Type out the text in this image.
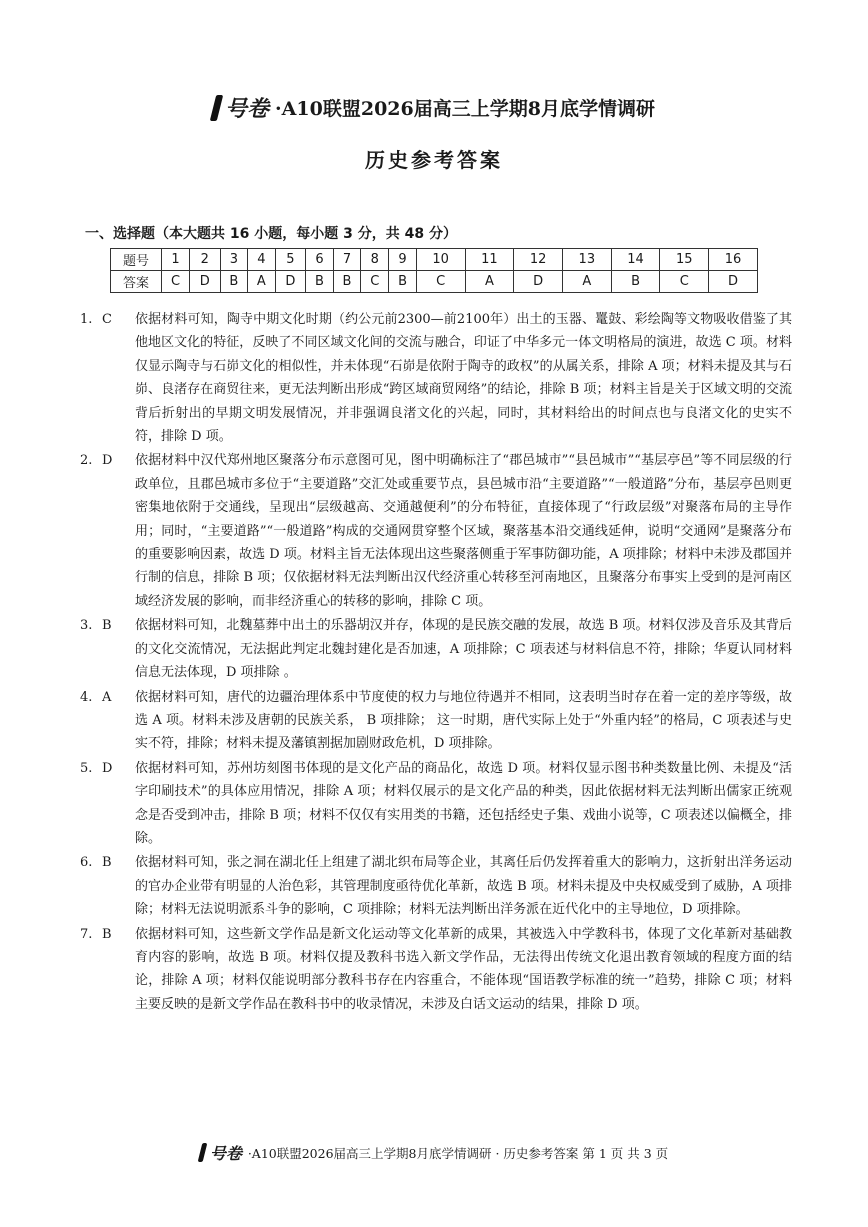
号卷 ·A10联盟2026届高三上学期8月底学情调研
历史参考答案
一、选择题（本大题共 16 小题，每小题 3 分，共 48 分）
题号	1	2	3	4	5	6	7	8	9	10	11	12	13	14	15	16
答案	C	D	B	A	D	B	B	C	B	C	A	D	A	B	C	D
1. C	依据材料可知，陶寺中期文化时期（约公元前2300—前2100年）出土的玉器、鼍鼓、彩绘陶等文物吸收借鉴了其他地区文化的特征，反映了不同区域文化间的交流与融合，印证了中华多元一体文明格局的演进，故选 C 项。材料仅显示陶寺与石峁文化的相似性，并未体现“石峁是依附于陶寺的政权”的从属关系，排除 A 项；材料未提及其与石峁、良渚存在商贸往来，更无法判断出形成“跨区域商贸网络”的结论，排除 B 项；材料主旨是关于区域文明的交流背后折射出的早期文明发展情况，并非强调良渚文化的兴起，同时，其材料给出的时间点也与良渚文化的史实不符，排除 D 项。
2. D	依据材料中汉代郑州地区聚落分布示意图可见，图中明确标注了“郡邑城市”“县邑城市”“基层亭邑”等不同层级的行政单位，且郡邑城市多位于“主要道路”交汇处或重要节点，县邑城市沿“主要道路”“一般道路”分布，基层亭邑则更密集地依附于交通线，呈现出“层级越高、交通越便利”的分布特征，直接体现了“行政层级”对聚落布局的主导作用；同时，“主要道路”“一般道路”构成的交通网贯穿整个区域，聚落基本沿交通线延伸，说明“交通网”是聚落分布的重要影响因素，故选 D 项。材料主旨无法体现出这些聚落侧重于军事防御功能，A 项排除；材料中未涉及郡国并行制的信息，排除 B 项；仅依据材料无法判断出汉代经济重心转移至河南地区，且聚落分布事实上受到的是河南区域经济发展的影响，而非经济重心的转移的影响，排除 C 项。
3. B	依据材料可知，北魏墓葬中出土的乐器胡汉并存，体现的是民族交融的发展，故选 B 项。材料仅涉及音乐及其背后的文化交流情况，无法据此判定北魏封建化是否加速，A 项排除；C 项表述与材料信息不符，排除；华夏认同材料信息无法体现，D 项排除 。
4. A	依据材料可知，唐代的边疆治理体系中节度使的权力与地位待遇并不相同，这表明当时存在着一定的差序等级，故选 A 项。材料未涉及唐朝的民族关系， B 项排除； 这一时期，唐代实际上处于“外重内轻”的格局，C 项表述与史实不符，排除；材料未提及藩镇割据加剧财政危机，D 项排除。
5. D	依据材料可知，苏州坊刻图书体现的是文化产品的商品化，故选 D 项。材料仅显示图书种类数量比例、未提及“活字印刷技术”的具体应用情况，排除 A 项；材料仅展示的是文化产品的种类，因此依据材料无法判断出儒家正统观念是否受到冲击，排除 B 项；材料不仅仅有实用类的书籍，还包括经史子集、戏曲小说等，C 项表述以偏概全，排除。
6. B	依据材料可知，张之洞在湖北任上组建了湖北织布局等企业，其离任后仍发挥着重大的影响力，这折射出洋务运动的官办企业带有明显的人治色彩，其管理制度亟待优化革新，故选 B 项。材料未提及中央权威受到了威胁，A 项排除；材料无法说明派系斗争的影响，C 项排除；材料无法判断出洋务派在近代化中的主导地位，D 项排除。
7. B	依据材料可知，这些新文学作品是新文化运动等文化革新的成果，其被选入中学教科书，体现了文化革新对基础教育内容的影响，故选 B 项。材料仅提及教科书选入新文学作品，无法得出传统文化退出教育领域的程度方面的结论，排除 A 项；材料仅能说明部分教科书存在内容重合，不能体现“国语教学标准的统一”趋势，排除 C 项；材料主要反映的是新文学作品在教科书中的收录情况，未涉及白话文运动的结果，排除 D 项。
号卷 ·A10联盟2026届高三上学期8月底学情调研 · 历史参考答案 第 1 页 共 3 页
